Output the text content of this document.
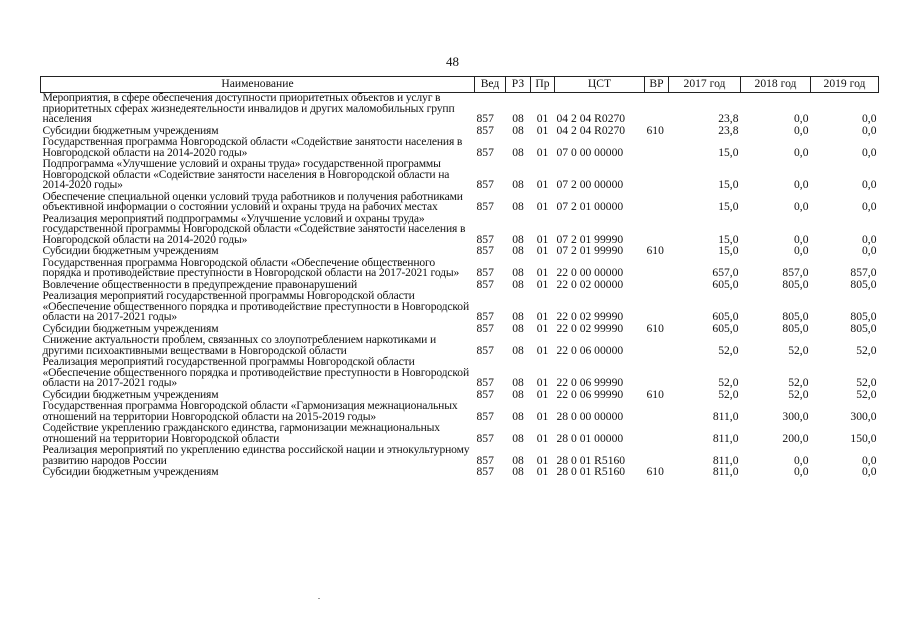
48
Наименование	Вед	РЗ	Пр	ЦСТ	ВР	2017 год	2018 год	2019 год
Мероприятия, в сфере обеспечения доступности приоритетных объектов и услуг в приоритетных сферах жизнедеятельности инвалидов и других маломобильных групп населения	857	08	01	04 2 04 R0270		23,8	0,0	0,0
Субсидии бюджетным учреждениям	857	08	01	04 2 04 R0270	610	23,8	0,0	0,0
Государственная программа Новгородской области «Содействие занятости населения в Новгородской области на 2014-2020 годы»	857	08	01	07 0 00 00000		15,0	0,0	0,0
Подпрограмма «Улучшение условий и охраны труда» государственной программы Новгородской области «Содействие занятости населения в Новгородской области на 2014-2020 годы»	857	08	01	07 2 00 00000		15,0	0,0	0,0
Обеспечение специальной оценки условий труда работников и получения работниками объективной информации о состоянии условий и охраны труда на рабочих местах	857	08	01	07 2 01 00000		15,0	0,0	0,0
Реализация мероприятий подпрограммы «Улучшение условий и охраны труда» государственной программы Новгородской области «Содействие занятости населения в Новгородской области на 2014-2020 годы»	857	08	01	07 2 01 99990		15,0	0,0	0,0
Субсидии бюджетным учреждениям	857	08	01	07 2 01 99990	610	15,0	0,0	0,0
Государственная программа Новгородской области «Обеспечение общественного порядка и противодействие преступности в Новгородской области на 2017-2021 годы»	857	08	01	22 0 00 00000		657,0	857,0	857,0
Вовлечение общественности в предупреждение правонарушений	857	08	01	22 0 02 00000		605,0	805,0	805,0
Реализация мероприятий государственной программы Новгородской области «Обеспечение общественного порядка и противодействие преступности в Новгородской области на 2017-2021 годы»	857	08	01	22 0 02 99990		605,0	805,0	805,0
Субсидии бюджетным учреждениям	857	08	01	22 0 02 99990	610	605,0	805,0	805,0
Снижение актуальности проблем, связанных со злоупотреблением наркотиками и другими психоактивными веществами в Новгородской области	857	08	01	22 0 06 00000		52,0	52,0	52,0
Реализация мероприятий государственной программы Новгородской области «Обеспечение общественного порядка и противодействие преступности в Новгородской области на 2017-2021 годы»	857	08	01	22 0 06 99990		52,0	52,0	52,0
Субсидии бюджетным учреждениям	857	08	01	22 0 06 99990	610	52,0	52,0	52,0
Государственная программа Новгородской области «Гармонизация межнациональных отношений на территории Новгородской области на 2015-2019 годы»	857	08	01	28 0 00 00000		811,0	300,0	300,0
Содействие укреплению гражданского единства, гармонизации межнациональных отношений на территории Новгородской области	857	08	01	28 0 01 00000		811,0	200,0	150,0
Реализация мероприятий по укреплению единства российской нации и этнокультурному развитию народов России	857	08	01	28 0 01 R5160		811,0	0,0	0,0
Субсидии бюджетным учреждениям	857	08	01	28 0 01 R5160	610	811,0	0,0	0,0
